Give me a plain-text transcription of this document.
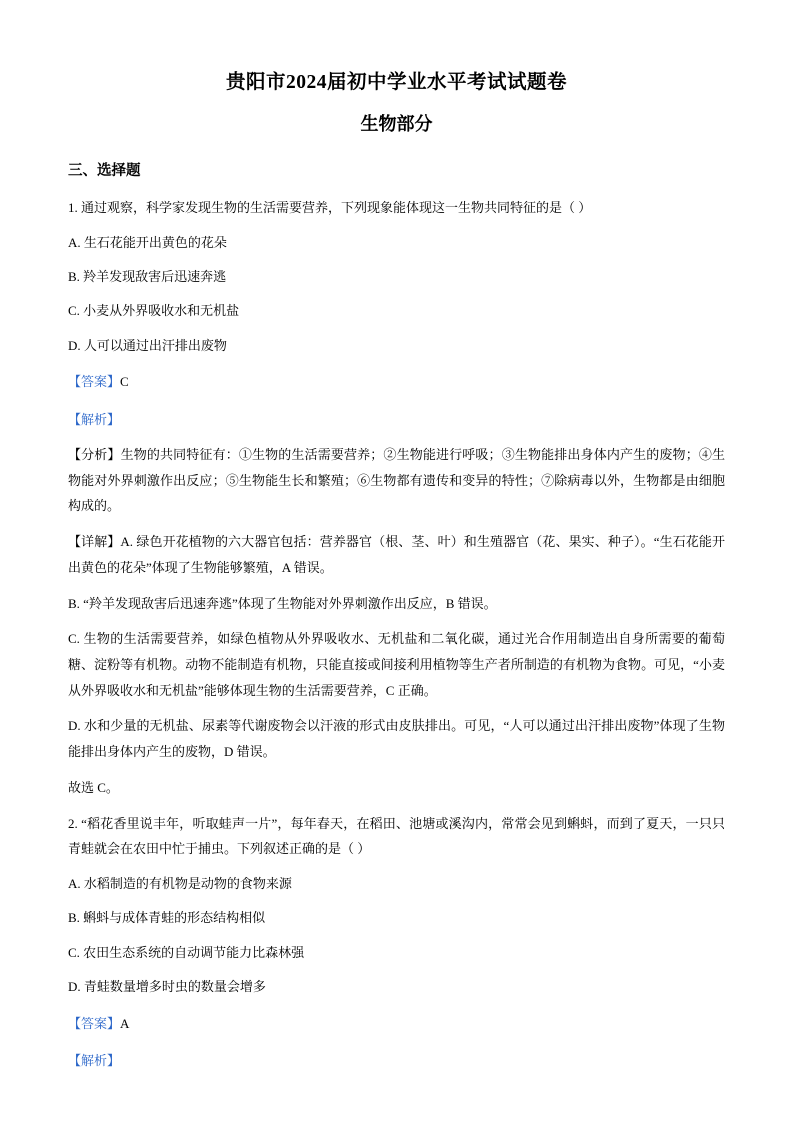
贵阳市2024届初中学业水平考试试题卷
生物部分
三、选择题
1. 通过观察，科学家发现生物的生活需要营养，下列现象能体现这一生物共同特征的是（ ）
A. 生石花能开出黄色的花朵
B. 羚羊发现敌害后迅速奔逃
C. 小麦从外界吸收水和无机盐
D. 人可以通过出汗排出废物
【答案】C
【解析】
【分析】生物的共同特征有：①生物的生活需要营养；②生物能进行呼吸；③生物能排出身体内产生的废物；④生物能对外界刺激作出反应；⑤生物能生长和繁殖；⑥生物都有遗传和变异的特性；⑦除病毒以外，生物都是由细胞构成的。
【详解】A. 绿色开花植物的六大器官包括：营养器官（根、茎、叶）和生殖器官（花、果实、种子）。“生石花能开出黄色的花朵”体现了生物能够繁殖，A 错误。
B. “羚羊发现敌害后迅速奔逃”体现了生物能对外界刺激作出反应，B 错误。
C. 生物的生活需要营养，如绿色植物从外界吸收水、无机盐和二氧化碳，通过光合作用制造出自身所需要的葡萄糖、淀粉等有机物。动物不能制造有机物，只能直接或间接利用植物等生产者所制造的有机物为食物。可见，“小麦从外界吸收水和无机盐”能够体现生物的生活需要营养，C 正确。
D. 水和少量的无机盐、尿素等代谢废物会以汗液的形式由皮肤排出。可见，“人可以通过出汗排出废物”体现了生物能排出身体内产生的废物，D 错误。
故选 C。
2. “稻花香里说丰年，听取蛙声一片”，每年春天，在稻田、池塘或溪沟内，常常会见到蝌蚪，而到了夏天，一只只青蛙就会在农田中忙于捕虫。下列叙述正确的是（ ）
A. 水稻制造的有机物是动物的食物来源
B. 蝌蚪与成体青蛙的形态结构相似
C. 农田生态系统的自动调节能力比森林强
D. 青蛙数量增多时虫的数量会增多
【答案】A
【解析】
